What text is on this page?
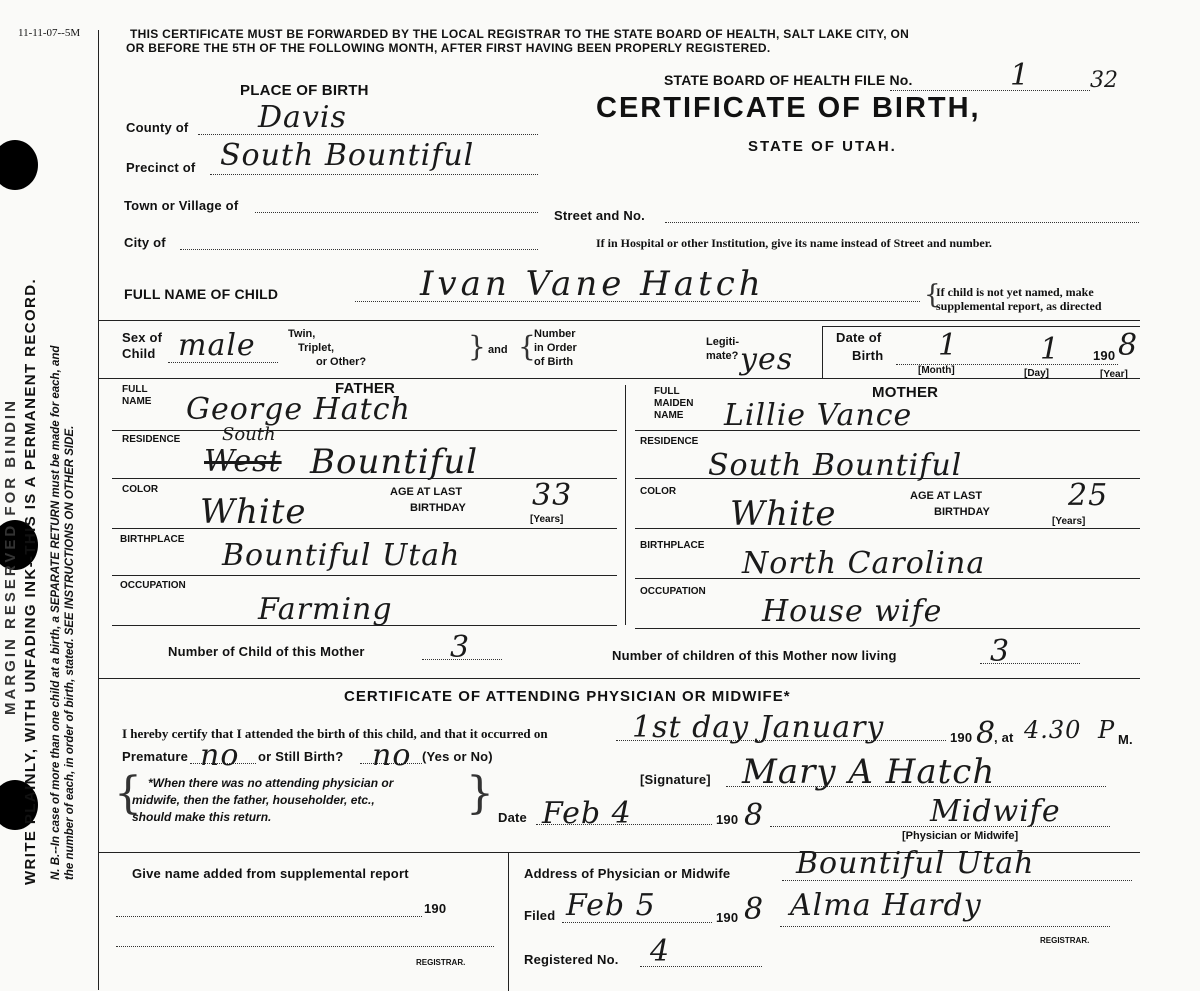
WRITE PLAINLY, WITH UNFADING INK--THIS IS A PERMANENT RECORD.
MARGIN RESERVED FOR BINDIN	N. B.--In case of more than one child at a birth, a SEPARATE RETURN must be made for each, and the number of each, in order of birth, stated. SEE INSTRUCTIONS ON OTHER SIDE.
11-11-07--5M	THIS CERTIFICATE MUST BE FORWARDED BY THE LOCAL REGISTRAR TO THE STATE BOARD OF HEALTH, SALT LAKE CITY, ON
OR BEFORE THE 5TH OF THE FOLLOWING MONTH, AFTER FIRST HAVING BEEN PROPERLY REGISTERED.
STATE BOARD OF HEALTH FILE No.	1	32
CERTIFICATE OF BIRTH,
STATE OF UTAH.
PLACE OF BIRTH
County of Davis
Precinct of South Bountiful
Town or Village of
City of
Street and No.
If in Hospital or other Institution, give its name instead of Street and number.
FULL NAME OF CHILD	Ivan Vane Hatch	{
If child is not yet named, make
supplemental report, as directed
Sex of
Child male	Twin,
Triplet,
or Other?	} and {
Number
in Order
of Birth
Legiti-
mate? yes
Date of
Birth 1	1	190 8
[Month]	[Day]	[Year]
FULL
NAME
FATHER
George Hatch
RESIDENCE South
West Bountiful
COLOR
White	AGE AT LAST
BIRTHDAY 33
[Years]
BIRTHPLACE Bountiful Utah
OCCUPATION
Farming
FULL
MAIDEN
NAME
MOTHER
Lillie Vance
RESIDENCE
South Bountiful
COLOR
White	AGE AT LAST
BIRTHDAY	25
[Years]
BIRTHPLACE
North Carolina
OCCUPATION
House wife
Number of Child of this Mother	3	Number of children of this Mother now living	3
CERTIFICATE OF ATTENDING PHYSICIAN OR MIDWIFE*
I hereby certify that I attended the birth of this child, and that it occurred on	1st day January	190 8
, at 4.30 P M.
Premature no or Still Birth? no (Yes or No)
{	}
*When there was no attending physician or
midwife, then the father, householder, etc.,
should make this return.
[Signature] Mary A Hatch
Date Feb 4	190 8	Midwife
[Physician or Midwife]
Give name added from supplemental report
190
REGISTRAR.
Address of Physician or Midwife Bountiful Utah
Filed Feb 5	190 8 Alma Hardy
REGISTRAR.
Registered No. 4
